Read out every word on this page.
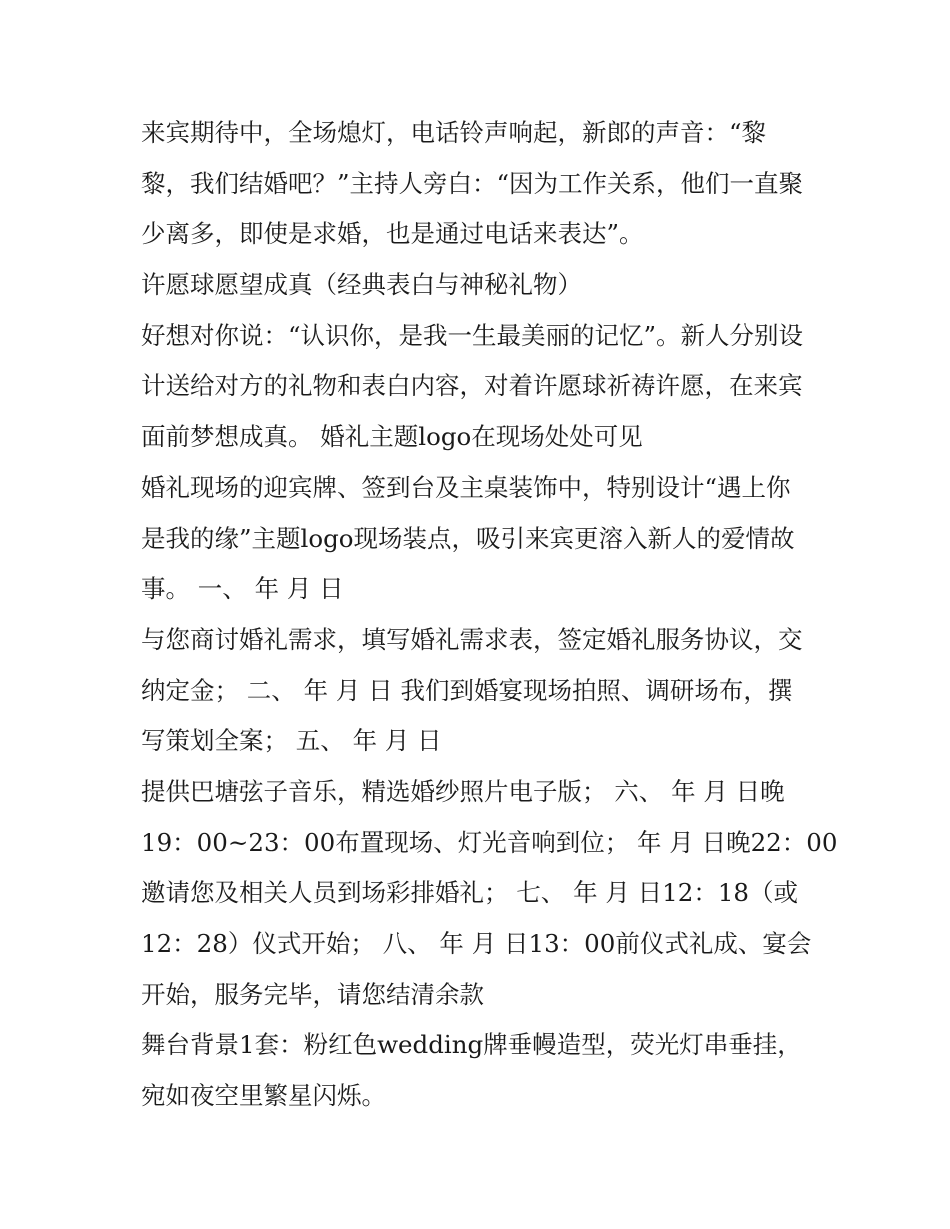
来宾期待中，全场熄灯，电话铃声响起，新郎的声音：“黎
黎，我们结婚吧？”主持人旁白：“因为工作关系，他们一直聚
少离多，即使是求婚，也是通过电话来表达”。
许愿球愿望成真（经典表白与神秘礼物）
好想对你说：“认识你，是我一生最美丽的记忆”。新人分别设
计送给对方的礼物和表白内容，对着许愿球祈祷许愿，在来宾
面前梦想成真。 婚礼主题logo在现场处处可见
婚礼现场的迎宾牌、签到台及主桌装饰中，特别设计“遇上你
是我的缘”主题logo现场装点，吸引来宾更溶入新人的爱情故
事。 一、 年 月 日
与您商讨婚礼需求，填写婚礼需求表，签定婚礼服务协议，交
纳定金； 二、 年 月 日 我们到婚宴现场拍照、调研场布，撰
写策划全案； 五、 年 月 日
提供巴塘弦子音乐，精选婚纱照片电子版； 六、 年 月 日晚
19：00~23：00布置现场、灯光音响到位； 年 月 日晚22：00
邀请您及相关人员到场彩排婚礼； 七、 年 月 日12：18（或
12：28）仪式开始； 八、 年 月 日13：00前仪式礼成、宴会
开始，服务完毕，请您结清余款
舞台背景1套：粉红色wedding牌垂幔造型，荧光灯串垂挂，
宛如夜空里繁星闪烁。
